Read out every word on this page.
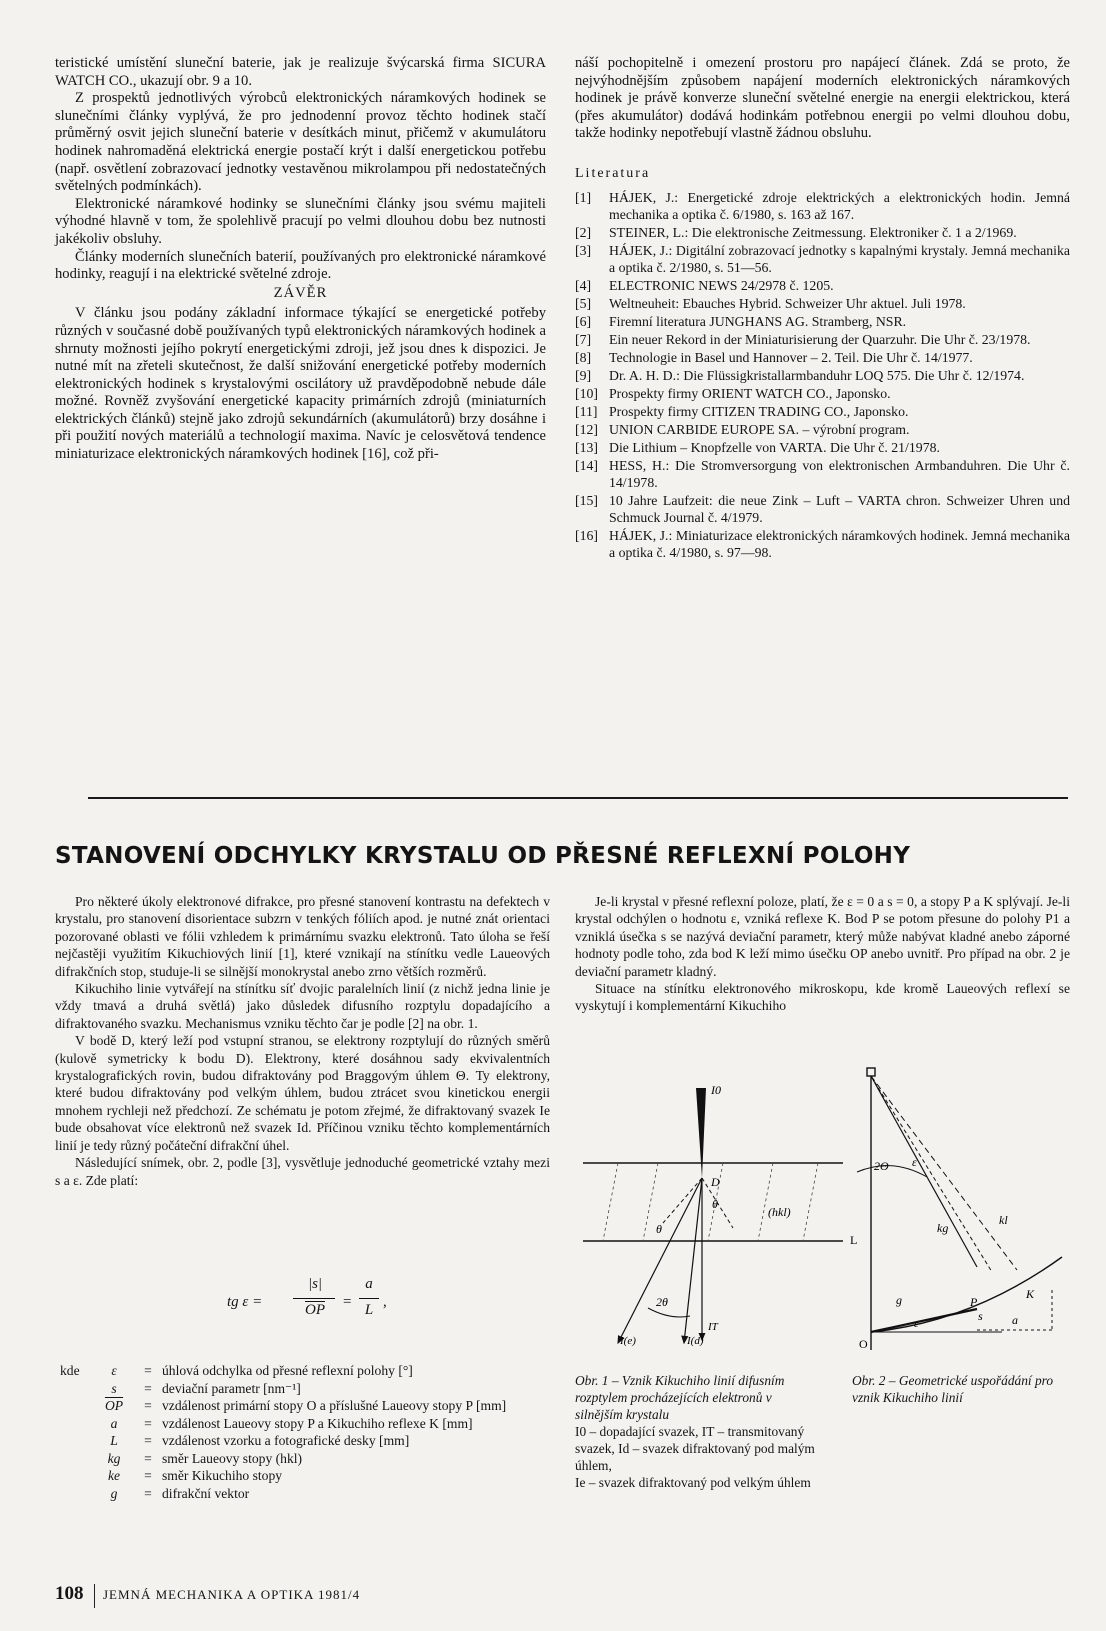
teristické umístění sluneční baterie, jak je realizuje švýcarská firma SICURA WATCH CO., ukazují obr. 9 a 10.

Z prospektů jednotlivých výrobců elektronických náramkových hodinek se slunečními články vyplývá, že pro jednodenní provoz těchto hodinek stačí průměrný osvit jejich sluneční baterie v desítkách minut, přičemž v akumulátoru hodinek nahromaděná elektrická energie postačí krýt i další energetickou potřebu (např. osvětlení zobrazovací jednotky vestavěnou mikrolampou při nedostatečných světelných podmínkách).

Elektronické náramkové hodinky se slunečními články jsou svému majiteli výhodné hlavně v tom, že spolehlivě pracují po velmi dlouhou dobu bez nutnosti jakékoliv obsluhy.

Články moderních slunečních baterií, používaných pro elektronické náramkové hodinky, reagují i na elektrické světelné zdroje.

ZÁVĚR

V článku jsou podány základní informace týkající se energetické potřeby různých v současné době používaných typů elektronických náramkových hodinek a shrnuty možnosti jejího pokrytí energetickými zdroji, jež jsou dnes k dispozici. Je nutné mít na zřeteli skutečnost, že další snižování energetické potřeby moderních elektronických hodinek s krystalovými oscilátory už pravděpodobně nebude dále možné. Rovněž zvyšování energetické kapacity primárních zdrojů (miniaturních elektrických článků) stejně jako zdrojů sekundárních (akumulátorů) brzy dosáhne i při použití nových materiálů a technologií maxima. Navíc je celosvětová tendence miniaturizace elektronických náramkových hodinek [16], což při-

náší pochopitelně i omezení prostoru pro napájecí článek. Zdá se proto, že nejvýhodnějším způsobem napájení moderních elektronických náramkových hodinek je právě konverze sluneční světelné energie na energii elektrickou, která (přes akumulátor) dodává hodinkám potřebnou energii po velmi dlouhou dobu, takže hodinky nepotřebují vlastně žádnou obsluhu.

Literatura

[1]	HÁJEK, J.: Energetické zdroje elektrických a elektronických hodin. Jemná mechanika a optika č. 6/1980, s. 163 až 167.
[2]	STEINER, L.: Die elektronische Zeitmessung. Elektroniker č. 1 a 2/1969.
[3]	HÁJEK, J.: Digitální zobrazovací jednotky s kapalnými krystaly. Jemná mechanika a optika č. 2/1980, s. 51—56.
[4]	ELECTRONIC NEWS 24/2978 č. 1205.
[5]	Weltneuheit: Ebauches Hybrid. Schweizer Uhr aktuel. Juli 1978.
[6]	Firemní literatura JUNGHANS AG. Stramberg, NSR.
[7]	Ein neuer Rekord in der Miniaturisierung der Quarzuhr. Die Uhr č. 23/1978.
[8]	Technologie in Basel und Hannover – 2. Teil. Die Uhr č. 14/1977.
[9]	Dr. A. H. D.: Die Flüssigkristallarmbanduhr LOQ 575. Die Uhr č. 12/1974.
[10] Prospekty firmy ORIENT WATCH CO., Japonsko.
[11] Prospekty firmy CITIZEN TRADING CO., Japonsko.
[12] UNION CARBIDE EUROPE SA. – výrobní program.
[13] Die Lithium – Knopfzelle von VARTA. Die Uhr č. 21/1978.
[14] HESS, H.: Die Stromversorgung von elektronischen Armbanduhren. Die Uhr č. 14/1978.
[15] 10 Jahre Laufzeit: die neue Zink – Luft – VARTA chron. Schweizer Uhren und Schmuck Journal č. 4/1979.
[16] HÁJEK, J.: Miniaturizace elektronických náramkových hodinek. Jemná mechanika a optika č. 4/1980, s. 97—98.
STANOVENÍ ODCHYLKY KRYSTALU OD PŘESNÉ REFLEXNÍ POLOHY

Pro některé úkoly elektronové difrakce, pro přesné stanovení kontrastu na defektech v krystalu, pro stanovení disorientace subzrn v tenkých fóliích apod. je nutné znát orientaci pozorované oblasti ve fólii vzhledem k primárnímu svazku elektronů. Tato úloha se řeší nejčastěji využitím Kikuchiových linií [1], které vznikají na stínítku vedle Laueových difrakčních stop, studuje-li se silnější monokrystal anebo zrno větších rozměrů.

Kikuchiho linie vytvářejí na stínítku síť dvojic paralelních linií (z nichž jedna linie je vždy tmavá a druhá světlá) jako důsledek difusního rozptylu dopadajícího a difraktovaného svazku. Mechanismus vzniku těchto čar je podle [2] na obr. 1.

V bodě D, který leží pod vstupní stranou, se elektrony rozptylují do různých směrů (kulově symetricky k bodu D). Elektrony, které dosáhnou sady ekvivalentních krystalografických rovin, budou difraktovány pod Braggovým úhlem Θ. Ty elektrony, které budou difraktovány pod velkým úhlem, budou ztrácet svou kinetickou energii mnohem rychleji než předchozí. Ze schématu je potom zřejmé, že difraktovaný svazek Ie bude obsahovat více elektronů než svazek Id. Příčinou vzniku těchto komplementárních linií je tedy různý počáteční difrakční úhel.

Následující snímek, obr. 2, podle [3], vysvětluje jednoduché geometrické vztahy mezi s a ε. Zde platí:

tg ε =
|s|
$\overline{OP}$	=
a
L ,
kde	ε	=	úhlová odchylka od přesné reflexní polohy [°]
	s	=	deviační parametr [nm⁻¹]
	$\overline{OP}$	=	vzdálenost primární stopy O a příslušné Laueovy stopy P [mm]
	a	=	vzdálenost Laueovy stopy P a Kikuchiho reflexe K [mm]
	L	=	vzdálenost vzorku a fotografické desky [mm]
	kg	=	směr Laueovy stopy (hkl)
	ke	=	směr Kikuchiho stopy
	g	=	difrakční vektor

Je-li krystal v přesné reflexní poloze, platí, že ε = 0 a s = 0, a stopy P a K splývají. Je-li krystal odchýlen o hodnotu ε, vzniká reflexe K. Bod P se potom přesune do polohy P1 a vzniklá úsečka s se nazývá deviační parametr, který může nabývat kladné anebo záporné hodnoty podle toho, zda bod K leží mimo úsečku OP anebo uvnitř. Pro případ na obr. 2 je deviační parametr kladný.

Situace na stínítku elektronového mikroskopu, kde kromě Laueových reflexí se vyskytují i komplementární Kikuchiho

I0
D
θ
θ
(hkl)
2θ
I(e)	I(d)
IT
2Θ ε
kg
kl
L
g	P
s
K
a
O
ε
Obr. 1 – Vznik Kikuchiho linií difusním rozptylem procházejících elektronů v silnějším krystalu
I0 – dopadající svazek, IT – transmitovaný svazek, Id – svazek difraktovaný pod malým úhlem,
Ie – svazek difraktovaný pod velkým úhlem
Obr. 2 – Geometrické uspořádání pro vznik Kikuchiho linií
108 JEMNÁ MECHANIKA A OPTIKA 1981/4
